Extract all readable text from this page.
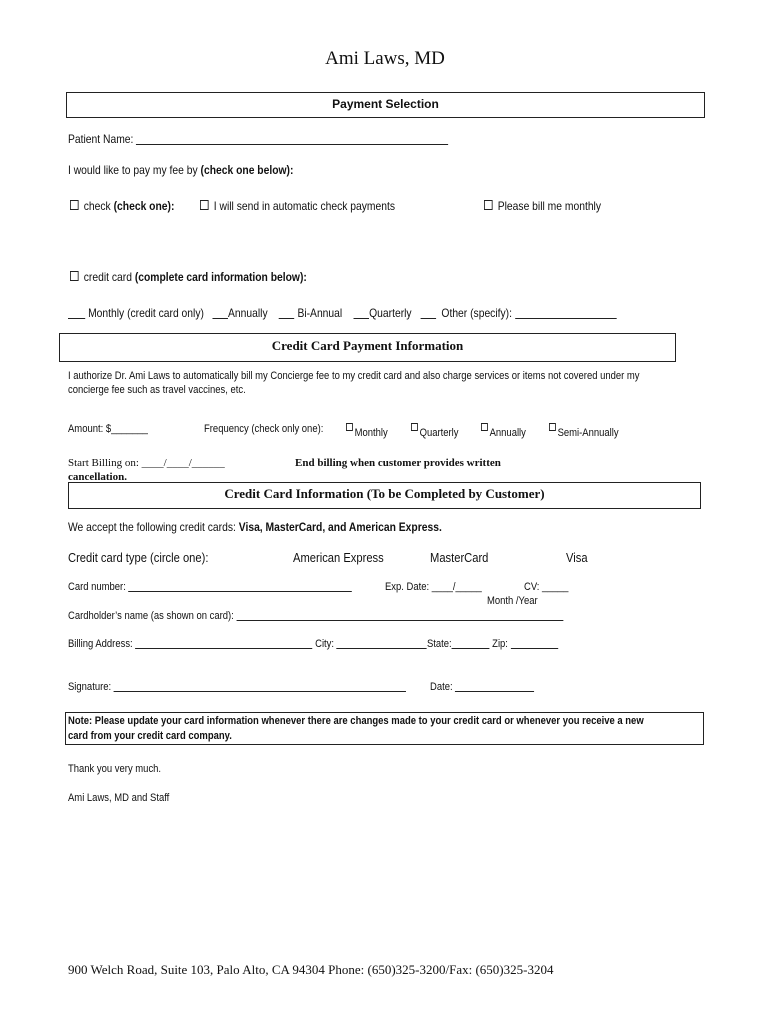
Ami Laws, MD
Payment Selection
Patient Name:
I would like to pay my fee by (check one below):
check (check one):	I will send in automatic check payments	Please bill me monthly
credit card (complete card information below):
Monthly (credit card only) Annually Bi-Annual Quarterly Other (specify):
Credit Card Payment Information
I authorize Dr. Ami Laws to automatically bill my Concierge fee to my credit card and also charge services or items not covered under my
concierge fee such as travel vaccines, etc.
Amount: $_______	Frequency (check only one):	Monthly	Quarterly	Annually	Semi-Annually
Start Billing on: ____/____/______	End billing when customer provides written
cancellation.
Credit Card Information (To be Completed by Customer)
We accept the following credit cards: Visa, MasterCard, and American Express.
Credit card type (circle one):	American Express	MasterCard	Visa
Card number:	Exp. Date: ____/_____	CV: _____
Month /Year
Cardholder’s name (as shown on card):
Billing Address:	City:	State:	Zip:
Signature:	Date:
Note: Please update your card information whenever there are changes made to your credit card or whenever you receive a new
card from your credit card company.
Thank you very much.
Ami Laws, MD and Staff
900 Welch Road, Suite 103, Palo Alto, CA 94304 Phone: (650)325-3200/Fax: (650)325-3204
